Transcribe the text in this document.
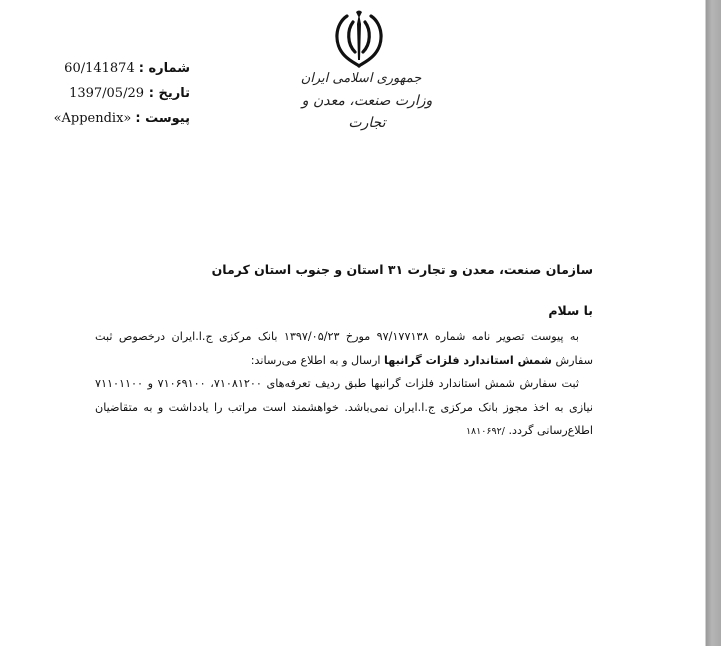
60/141874 شماره :
1397/05/29 تاریخ :
«Appendix» پیوست :
جمهوری اسلامی ایران
وزارت صنعت، معدن و تجارت
سازمان صنعت، معدن و تجارت ۳۱ استان و جنوب استان کرمان
با سلام

به پیوست تصویر نامه شماره ۹۷/۱۷۷۱۳۸ مورخ ۱۳۹۷/۰۵/۲۳ بانک مرکزی ج.ا.ایران درخصوص ثبت سفارش شمش استاندارد فلزات گرانبها ارسال و به اطلاع می‌رساند:

ثبت سفارش شمش استاندارد فلزات گرانبها طبق ردیف تعرفه‌های ۷۱۰۸۱۲۰۰، ۷۱۰۶۹۱۰۰ و ۷۱۱۰۱۱۰۰ نیازی به اخذ مجوز بانک مرکزی ج.ا.ایران نمی‌باشد. خواهشمند است مراتب را یادداشت و به متقاضیان اطلاع‌رسانی گردد. /۱۸۱۰۶۹۲
